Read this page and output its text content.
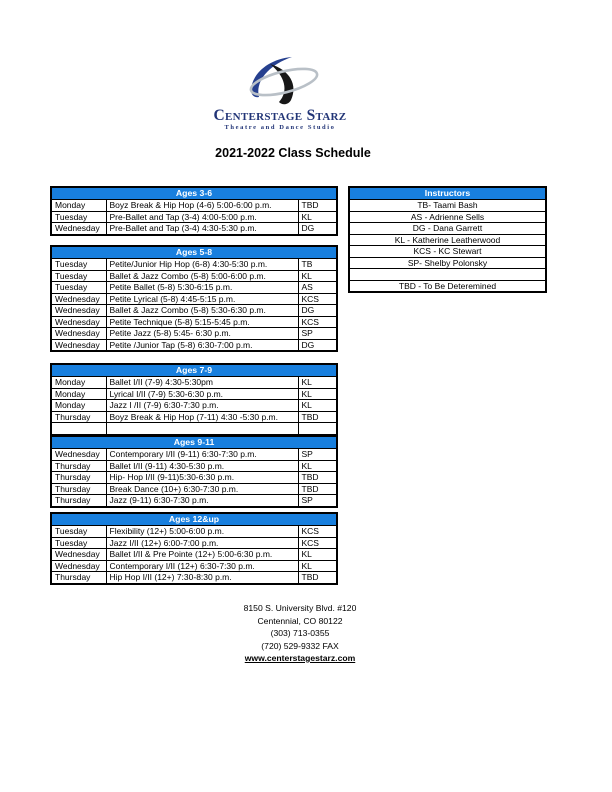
Centerstage Starz
Theatre and Dance Studio
2021-2022 Class Schedule
Ages 3-6		
Monday	Boyz Break & Hip Hop (4-6) 5:00-6:00 p.m.	TBD
Tuesday	Pre-Ballet and Tap (3-4) 4:00-5:00 p.m.	KL
Wednesday	Pre-Ballet and Tap (3-4) 4:30-5:30 p.m.	DG
Ages 5-8		
Tuesday	Petite/Junior Hip Hop (6-8) 4:30-5:30 p.m.	TB
Tuesday	Ballet & Jazz Combo (5-8) 5:00-6:00 p.m.	KL
Tuesday	Petite Ballet (5-8) 5:30-6:15 p.m.	AS
Wednesday	Petite Lyrical (5-8) 4:45-5:15 p.m.	KCS
Wednesday	Ballet & Jazz Combo (5-8) 5:30-6:30 p.m.	DG
Wednesday	Petite Technique (5-8) 5:15-5:45 p.m.	KCS
Wednesday	Petite Jazz (5-8) 5:45- 6:30 p.m.	SP
Wednesday	Petite /Junior Tap (5-8) 6:30-7:00 p.m.	DG
Ages 7-9		
Monday	Ballet I/II (7-9) 4:30-5:30pm	KL
Monday	Lyrical I/II (7-9) 5:30-6:30 p.m.	KL
Monday	Jazz I /II (7-9) 6:30-7:30 p.m.	KL
Thursday	Boyz Break & Hip Hop (7-11) 4:30 -5:30 p.m.	TBD

Ages 9-11		
Wednesday	Contemporary I/II (9-11) 6:30-7:30 p.m.	SP
Thursday	Ballet I/II (9-11) 4:30-5:30 p.m.	KL
Thursday	Hip- Hop I/II (9-11)5:30-6:30 p.m.	TBD
Thursday	Break Dance (10+) 6:30-7:30 p.m.	TBD
Thursday	Jazz (9-11) 6:30-7:30 p.m.	SP
Ages 12&up		
Tuesday	Flexibility (12+) 5:00-6:00 p.m.	KCS
Tuesday	Jazz I/II (12+) 6:00-7:00 p.m.	KCS
Wednesday	Ballet I/II & Pre Pointe (12+) 5:00-6:30 p.m.	KL
Wednesday	Contemporary I/II (12+) 6:30-7:30 p.m.	KL
Thursday	Hip Hop I/II (12+) 7:30-8:30 p.m.	TBD
Instructors
TB- Taami Bash
AS - Adrienne Sells
DG - Dana Garrett
KL - Katherine Leatherwood
KCS - KC Stewart
SP- Shelby Polonsky

TBD - To Be Deteremined
8150 S. University Blvd. #120
Centennial, CO 80122
(303) 713-0355
(720) 529-9332 FAX
www.centerstagestarz.com
